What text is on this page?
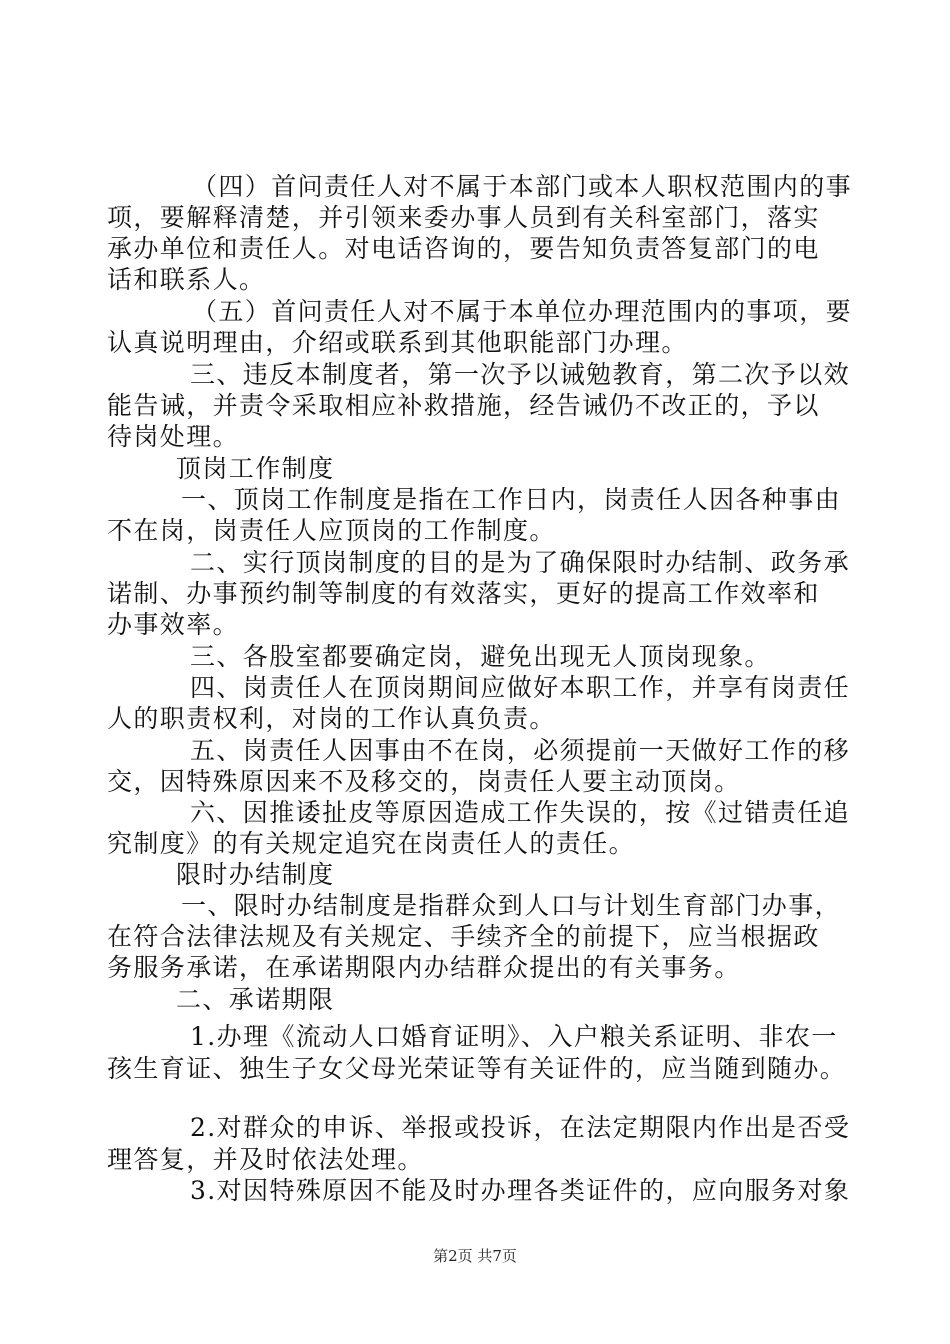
（四）首问责任人对不属于本部门或本人职权范围内的事
项，要解释清楚，并引领来委办事人员到有关科室部门，落实
承办单位和责任人。对电话咨询的，要告知负责答复部门的电
话和联系人。
（五）首问责任人对不属于本单位办理范围内的事项，要
认真说明理由，介绍或联系到其他职能部门办理。
三、违反本制度者，第一次予以诫勉教育，第二次予以效
能告诫，并责令采取相应补救措施，经告诫仍不改正的，予以
待岗处理。
顶岗工作制度
一、顶岗工作制度是指在工作日内，岗责任人因各种事由
不在岗，岗责任人应顶岗的工作制度。
二、实行顶岗制度的目的是为了确保限时办结制、政务承
诺制、办事预约制等制度的有效落实，更好的提高工作效率和
办事效率。
三、各股室都要确定岗，避免出现无人顶岗现象。
四、岗责任人在顶岗期间应做好本职工作，并享有岗责任
人的职责权利，对岗的工作认真负责。
五、岗责任人因事由不在岗，必须提前一天做好工作的移
交，因特殊原因来不及移交的，岗责任人要主动顶岗。
六、因推诿扯皮等原因造成工作失误的，按《过错责任追
究制度》的有关规定追究在岗责任人的责任。
限时办结制度
一、限时办结制度是指群众到人口与计划生育部门办事，
在符合法律法规及有关规定、手续齐全的前提下，应当根据政
务服务承诺，在承诺期限内办结群众提出的有关事务。
二、承诺期限
1.办理《流动人口婚育证明》、入户粮关系证明、非农一
孩生育证、独生子女父母光荣证等有关证件的，应当随到随办。
2.对群众的申诉、举报或投诉，在法定期限内作出是否受
理答复，并及时依法处理。
3.对因特殊原因不能及时办理各类证件的，应向服务对象
第2页 共7页
